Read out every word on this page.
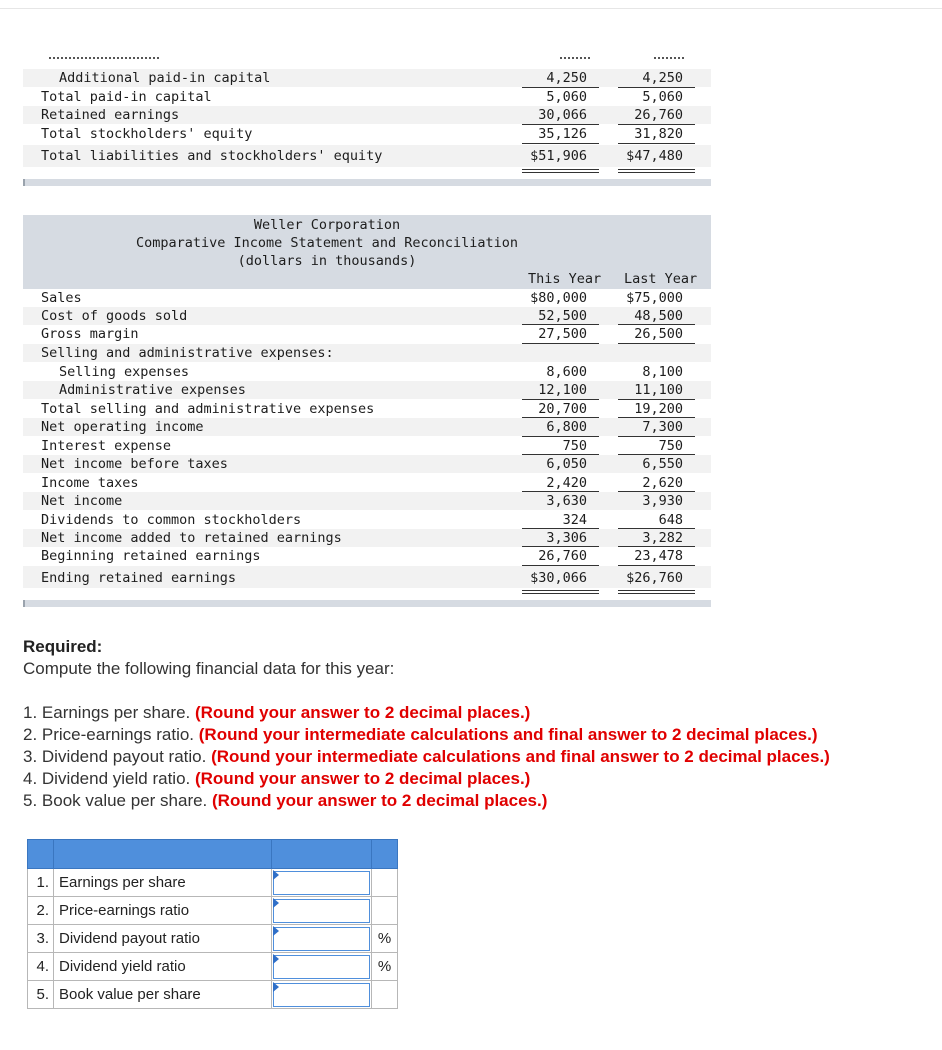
Additional paid-in capital	4,250	4,250
Total paid-in capital	5,060	5,060
Retained earnings	30,066	26,760
Total stockholders' equity	35,126	31,820
Total liabilities and stockholders' equity	$51,906	$47,480
Weller Corporation
Comparative Income Statement and Reconciliation
(dollars in thousands)
This Year Last Year
Sales	$80,000	$75,000
Cost of goods sold	52,500	48,500
Gross margin	27,500	26,500
Selling and administrative expenses:
Selling expenses	8,600	8,100
Administrative expenses	12,100	11,100
Total selling and administrative expenses	20,700	19,200
Net operating income	6,800	7,300
Interest expense	750	750
Net income before taxes	6,050	6,550
Income taxes	2,420	2,620
Net income	3,630	3,930
Dividends to common stockholders	324	648
Net income added to retained earnings	3,306	3,282
Beginning retained earnings	26,760	23,478
Ending retained earnings	$30,066	$26,760
Required:
Compute the following financial data for this year:
1. Earnings per share. (Round your answer to 2 decimal places.)
2. Price-earnings ratio. (Round your intermediate calculations and final answer to 2 decimal places.)
3. Dividend payout ratio. (Round your intermediate calculations and final answer to 2 decimal places.)
4. Dividend yield ratio. (Round your answer to 2 decimal places.)
5. Book value per share. (Round your answer to 2 decimal places.)

1.	Earnings per share	

2.	Price-earnings ratio	

3.	Dividend payout ratio		%
4.	Dividend yield ratio		%
5.	Book value per share	
